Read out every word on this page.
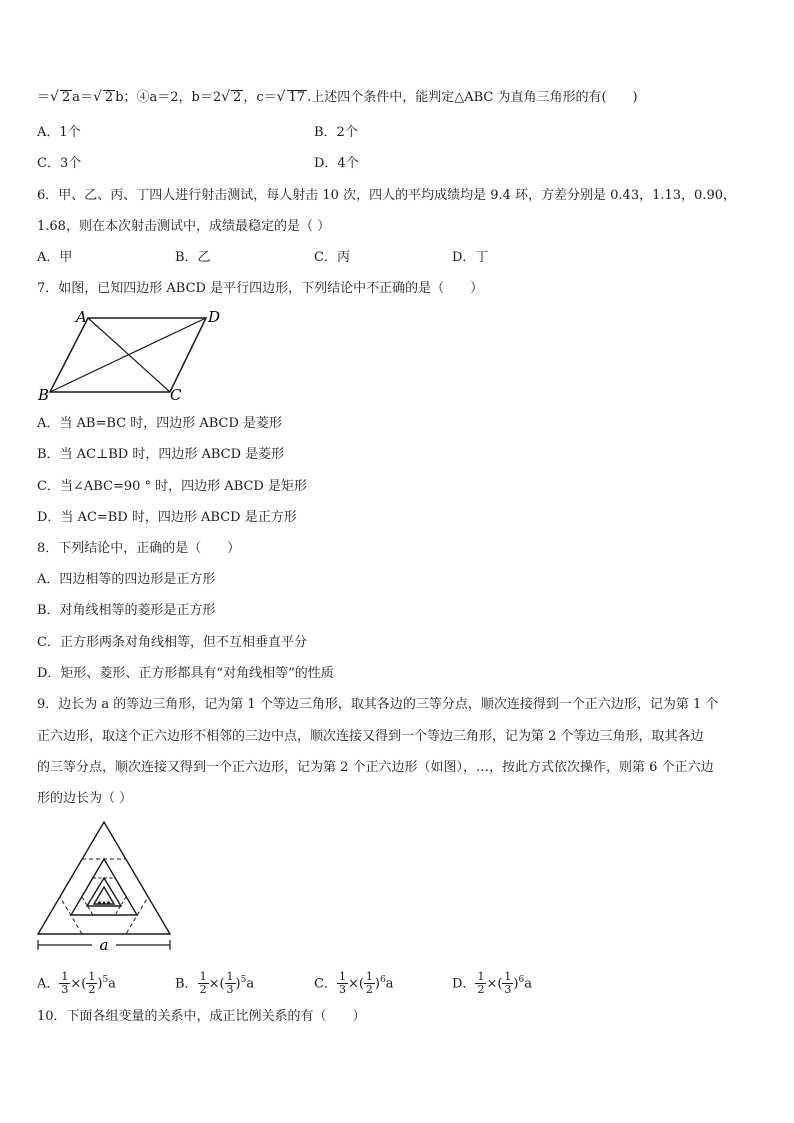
＝√ 2 a＝√ 2 b；④a＝2，b＝2√ 2 ，c＝√ 17 .上述四个条件中，能判定△ABC 为直角三角形的有(　　)
A．1个	B．2个
C．3个	D．4个
6．甲、乙、丙、丁四人进行射击测试，每人射击 10 次，四人的平均成绩均是 9.4 环，方差分别是 0.43，1.13，0.90，
1.68，则在本次射击测试中，成绩最稳定的是（ ）
A．甲	B．乙	C．丙	D．丁
7．如图，已知四边形 ABCD 是平行四边形，下列结论中不正确的是（　　）
A	D
B	C
A．当 AB=BC 时，四边形 ABCD 是菱形
B．当 AC⊥BD 时，四边形 ABCD 是菱形
C．当∠ABC=90 ° 时，四边形 ABCD 是矩形
D．当 AC=BD 时，四边形 ABCD 是正方形
8．下列结论中，正确的是（　　）
A．四边相等的四边形是正方形
B．对角线相等的菱形是正方形
C．正方形两条对角线相等，但不互相垂直平分
D．矩形、菱形、正方形都具有“对角线相等”的性质
9．边长为 a 的等边三角形，记为第 1 个等边三角形，取其各边的三等分点，顺次连接得到一个正六边形，记为第 1 个
正六边形，取这个正六边形不相邻的三边中点，顺次连接又得到一个等边三角形，记为第 2 个等边三角形，取其各边
的三等分点，顺次连接又得到一个正六边形，记为第 2 个正六边形（如图），…，按此方式依次操作，则第 6 个正六边
形的边长为（ ）
…
a
A． $\frac{1}{3}$ ×( $\frac{1}{2} )^5a$	B． $\frac{1}{2}$ ×( $\frac{1}{3} )^5a$	C． $\frac{1}{3}$ ×( $\frac{1}{2} )^6a$	D． $\frac{1}{2}$ ×( $\frac{1}{3} )^6a$
10．下面各组变量的关系中，成正比例关系的有（　　）
